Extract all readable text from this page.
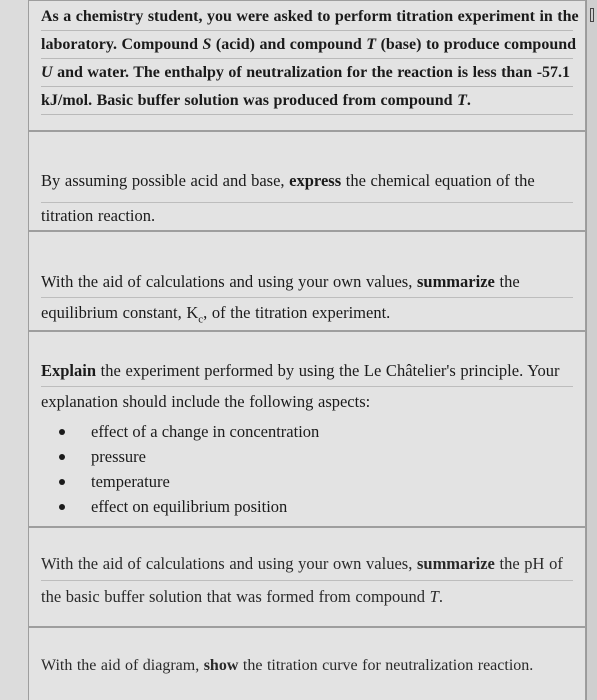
As a chemistry student, you were asked to perform titration experiment in the
laboratory. Compound S (acid) and compound T (base) to produce compound
U and water. The enthalpy of neutralization for the reaction is less than -57.1
kJ/mol. Basic buffer solution was produced from compound T.
By assuming possible acid and base, express the chemical equation of the
titration reaction.
With the aid of calculations and using your own values, summarize the
equilibrium constant, $K_c$, of the titration experiment.
Explain the experiment performed by using the Le Châtelier's principle. Your
explanation should include the following aspects:
effect of a change in concentration
pressure
temperature
effect on equilibrium position
With the aid of calculations and using your own values, summarize the pH of
the basic buffer solution that was formed from compound T.
With the aid of diagram, show the titration curve for neutralization reaction.
